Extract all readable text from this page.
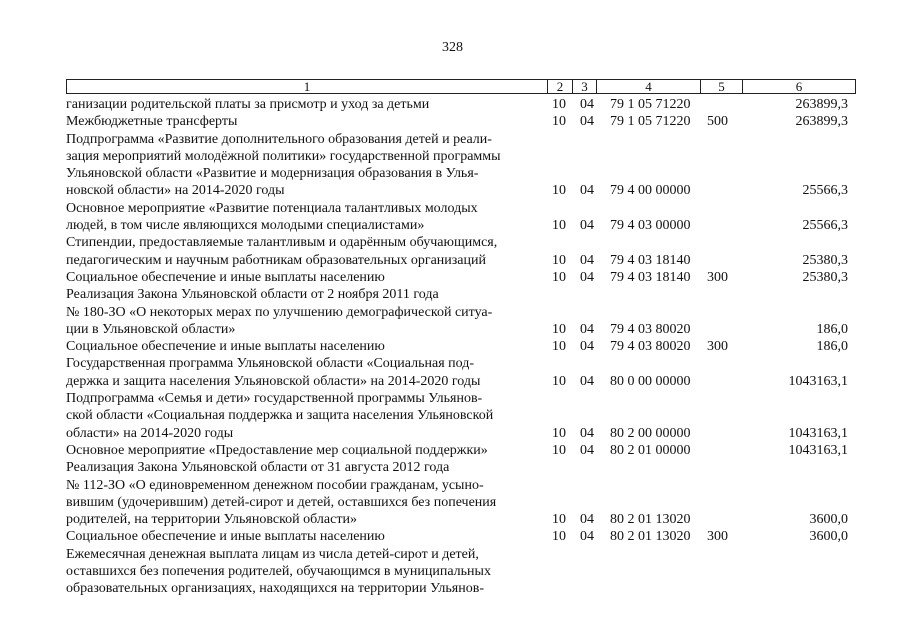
328
1	2	3	4	5	6
ганизации родительской платы за присмотр и уход за детьми	10 04 79 1 05 71220	263899,3
Межбюджетные трансферты	10 04 79 1 05 71220 500	263899,3
Подпрограмма «Развитие дополнительного образования детей и реали-
зация мероприятий молодёжной политики» государственной программы
Ульяновской области «Развитие и модернизация образования в Улья-
новской области» на 2014-2020 годы	10 04 79 4 00 00000	25566,3
Основное мероприятие «Развитие потенциала талантливых молодых
людей, в том числе являющихся молодыми специалистами»	10 04 79 4 03 00000	25566,3
Стипендии, предоставляемые талантливым и одарённым обучающимся,
педагогическим и научным работникам образовательных организаций	10 04 79 4 03 18140	25380,3
Социальное обеспечение и иные выплаты населению	10 04 79 4 03 18140 300	25380,3
Реализация Закона Ульяновской области от 2 ноября 2011 года
№ 180-ЗО «О некоторых мерах по улучшению демографической ситуа-
ции в Ульяновской области»	10 04 79 4 03 80020	186,0
Социальное обеспечение и иные выплаты населению	10 04 79 4 03 80020 300	186,0
Государственная программа Ульяновской области «Социальная под-
держка и защита населения Ульяновской области» на 2014-2020 годы	10 04 80 0 00 00000	1043163,1
Подпрограмма «Семья и дети» государственной программы Ульянов-
ской области «Социальная поддержка и защита населения Ульяновской
области» на 2014-2020 годы	10 04 80 2 00 00000	1043163,1
Основное мероприятие «Предоставление мер социальной поддержки»	10 04 80 2 01 00000	1043163,1
Реализация Закона Ульяновской области от 31 августа 2012 года
№ 112-ЗО «О единовременном денежном пособии гражданам, усыно-
вившим (удочерившим) детей-сирот и детей, оставшихся без попечения
родителей, на территории Ульяновской области»	10 04 80 2 01 13020	3600,0
Социальное обеспечение и иные выплаты населению	10 04 80 2 01 13020 300	3600,0
Ежемесячная денежная выплата лицам из числа детей-сирот и детей,
оставшихся без попечения родителей, обучающимся в муниципальных
образовательных организациях, находящихся на территории Ульянов-
